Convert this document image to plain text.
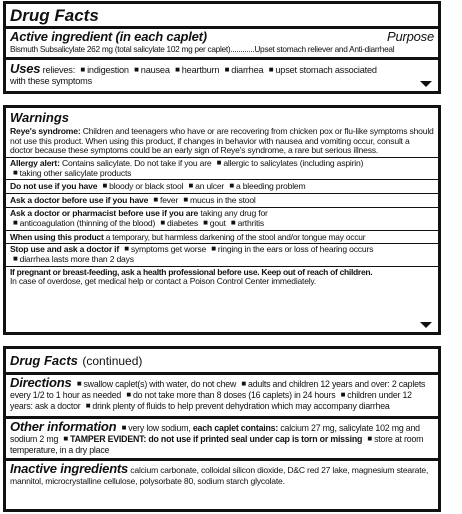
Drug Facts
Active ingredient (in each caplet)	Purpose
Bismuth Subsalicylate 262 mg (total salicylate 102 mg per caplet)............Upset stomach reliever and Anti-diarrheal
Uses relieves: ■ indigestion ■ nausea ■ heartburn ■ diarrhea ■ upset stomach associated
with these symptoms
Warnings
Reye's syndrome: Children and teenagers who have or are recovering from chicken pox or flu-like symptoms should not use this product. When using this product, if changes in behavior with nausea and vomiting occur, consult a doctor because these symptoms could be an early sign of Reye's syndrome, a rare but serious illness.
Allergy alert: Contains salicylate. Do not take if you are ■ allergic to salicylates (including aspirin)
■ taking other salicylate products
Do not use if you have ■ bloody or black stool ■ an ulcer ■ a bleeding problem
Ask a doctor before use if you have ■ fever ■ mucus in the stool
Ask a doctor or pharmacist before use if you are taking any drug for
■ anticoagulation (thinning of the blood) ■ diabetes ■ gout ■ arthritis
When using this product a temporary, but harmless darkening of the stool and/or tongue may occur
Stop use and ask a doctor if ■ symptoms get worse ■ ringing in the ears or loss of hearing occurs
■ diarrhea lasts more than 2 days
If pregnant or breast-feeding, ask a health professional before use. Keep out of reach of children.
In case of overdose, get medical help or contact a Poison Control Center immediately.
Drug Facts (continued)
Directions ■ swallow caplet(s) with water, do not chew ■ adults and children 12 years and over: 2 caplets every 1/2 to 1 hour as needed ■ do not take more than 8 doses (16 caplets) in 24 hours ■ children under 12 years: ask a doctor ■ drink plenty of fluids to help prevent dehydration which may accompany diarrhea
Other information ■ very low sodium, each caplet contains: calcium 27 mg, salicylate 102 mg and sodium 2 mg ■ TAMPER EVIDENT: do not use if printed seal under cap is torn or missing ■ store at room temperature, in a dry place
Inactive ingredients calcium carbonate, colloidal silicon dioxide, D&C red 27 lake, magnesium stearate, mannitol, microcrystalline cellulose, polysorbate 80, sodium starch glycolate.
